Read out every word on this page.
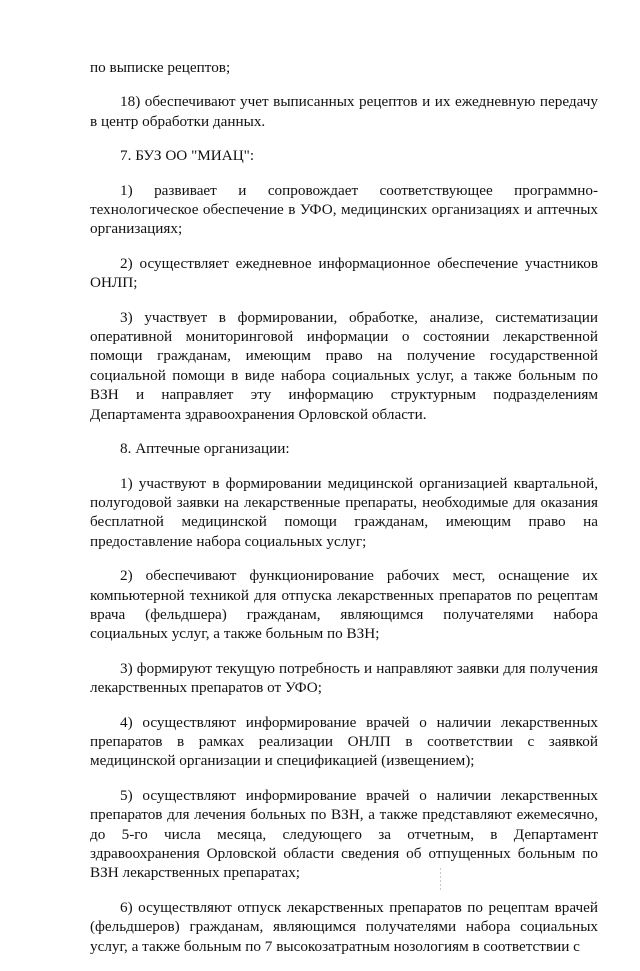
по выписке рецептов;

18) обеспечивают учет выписанных рецептов и их ежедневную передачу в центр обработки данных.

7. БУЗ ОО "МИАЦ":

1) развивает и сопровождает соответствующее программно-технологическое обеспечение в УФО, медицинских организациях и аптечных организациях;

2) осуществляет ежедневное информационное обеспечение участников ОНЛП;

3) участвует в формировании, обработке, анализе, систематизации оперативной мониторинговой информации о состоянии лекарственной помощи гражданам, имеющим право на получение государственной социальной помощи в виде набора социальных услуг, а также больным по ВЗН и направляет эту информацию структурным подразделениям Департамента здравоохранения Орловской области.

8. Аптечные организации:

1) участвуют в формировании медицинской организацией квартальной, полугодовой заявки на лекарственные препараты, необходимые для оказания бесплатной медицинской помощи гражданам, имеющим право на предоставление набора социальных услуг;

2) обеспечивают функционирование рабочих мест, оснащение их компьютерной техникой для отпуска лекарственных препаратов по рецептам врача (фельдшера) гражданам, являющимся получателями набора социальных услуг, а также больным по ВЗН;

3) формируют текущую потребность и направляют заявки для получения лекарственных препаратов от УФО;

4) осуществляют информирование врачей о наличии лекарственных препаратов в рамках реализации ОНЛП в соответствии с заявкой медицинской организации и спецификацией (извещением);

5) осуществляют информирование врачей о наличии лекарственных препаратов для лечения больных по ВЗН, а также представляют ежемесячно, до 5-го числа месяца, следующего за отчетным, в Департамент здравоохранения Орловской области сведения об отпущенных больным по ВЗН лекарственных препаратах;

6) осуществляют отпуск лекарственных препаратов по рецептам врачей (фельдшеров) гражданам, являющимся получателями набора социальных услуг, а также больным по 7 высокозатратным нозологиям в соответствии с
